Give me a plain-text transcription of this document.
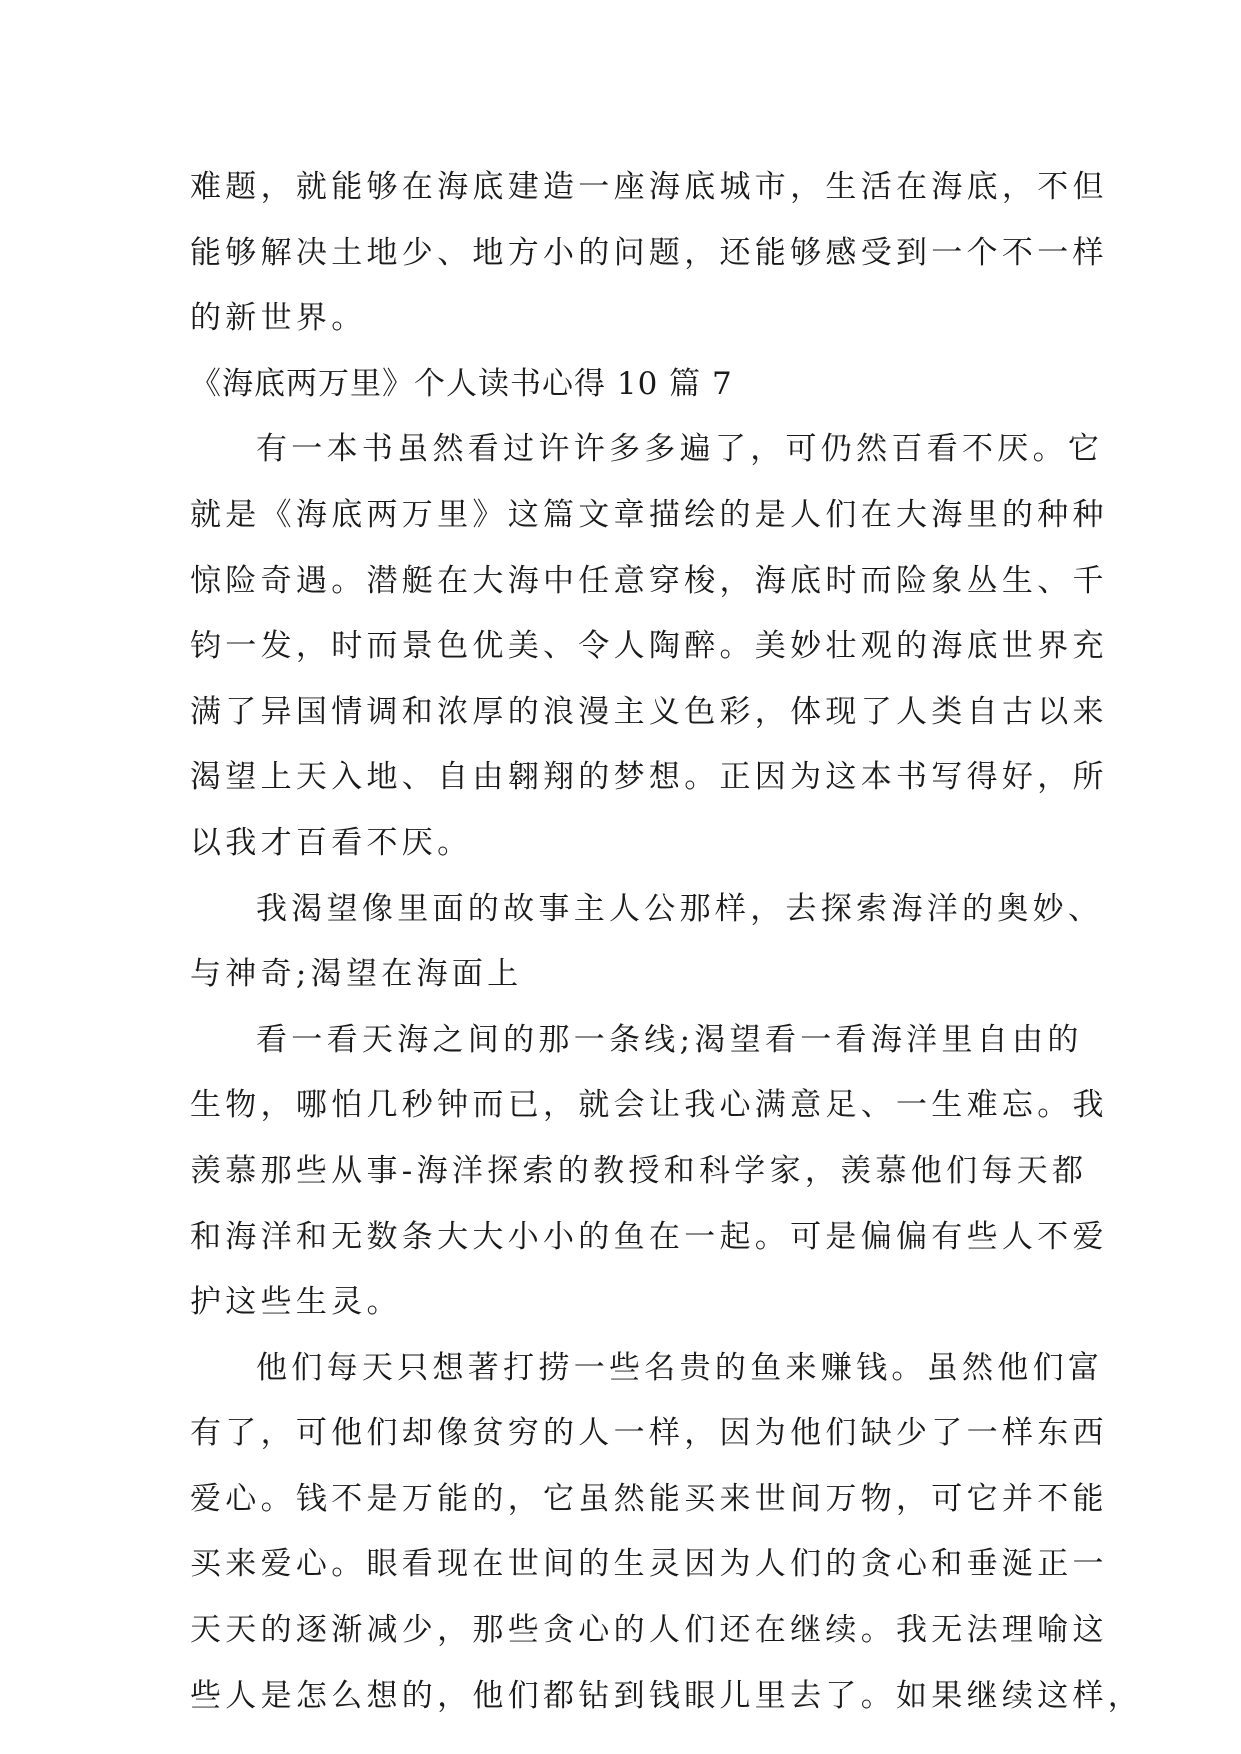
难题，就能够在海底建造一座海底城市，生活在海底，不但
能够解决土地少、地方小的问题，还能够感受到一个不一样
的新世界。
《海底两万里》个人读书心得 10 篇 7
有一本书虽然看过许许多多遍了，可仍然百看不厌。它
就是《海底两万里》这篇文章描绘的是人们在大海里的种种
惊险奇遇。潜艇在大海中任意穿梭，海底时而险象丛生、千
钧一发，时而景色优美、令人陶醉。美妙壮观的海底世界充
满了异国情调和浓厚的浪漫主义色彩，体现了人类自古以来
渴望上天入地、自由翱翔的梦想。正因为这本书写得好，所
以我才百看不厌。
我渴望像里面的故事主人公那样，去探索海洋的奥妙、
与神奇;渴望在海面上
看一看天海之间的那一条线;渴望看一看海洋里自由的
生物，哪怕几秒钟而已，就会让我心满意足、一生难忘。我
羡慕那些从事-海洋探索的教授和科学家，羡慕他们每天都
和海洋和无数条大大小小的鱼在一起。可是偏偏有些人不爱
护这些生灵。
他们每天只想著打捞一些名贵的鱼来赚钱。虽然他们富
有了，可他们却像贫穷的人一样，因为他们缺少了一样东西
爱心。钱不是万能的，它虽然能买来世间万物，可它并不能
买来爱心。眼看现在世间的生灵因为人们的贪心和垂涎正一
天天的逐渐减少，那些贪心的人们还在继续。我无法理喻这
些人是怎么想的，他们都钻到钱眼儿里去了。如果继续这样，
